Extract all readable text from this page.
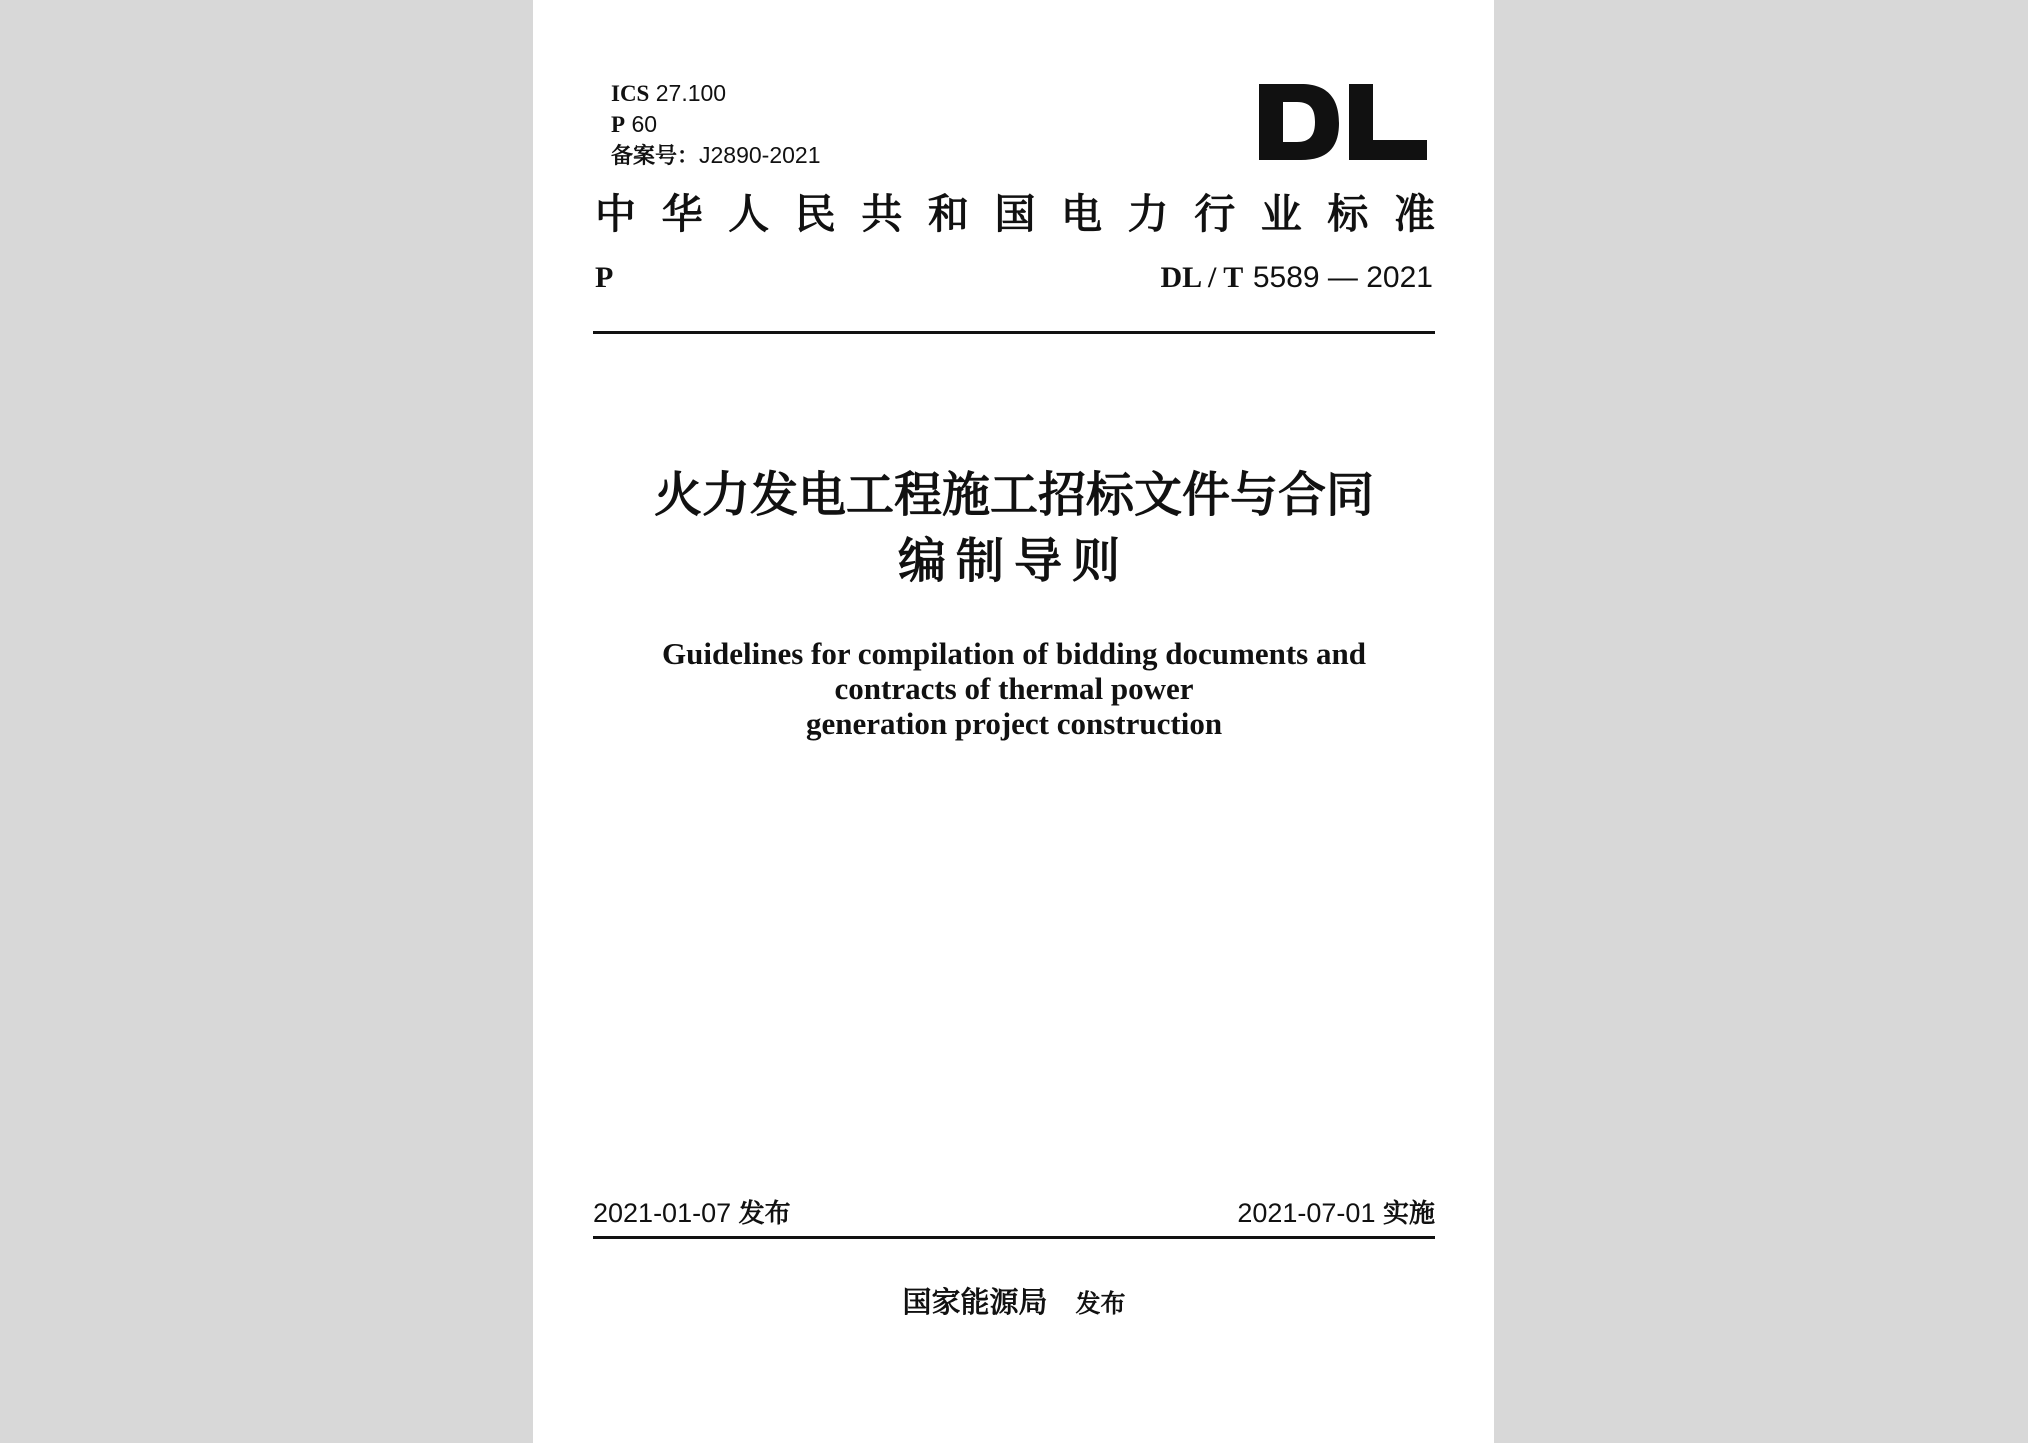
ICS 27.100
P 60
备案号：J2890-2021
中 华 人 民 共 和 国 电 力 行 业 标 准
P	DL / T 5589 — 2021
火力发电工程施工招标文件与合同
编制导则
Guidelines for compilation of bidding documents and
contracts of thermal power
generation project construction
2021-01-07 发布	2021-07-01 实施
国家能源局 发布
